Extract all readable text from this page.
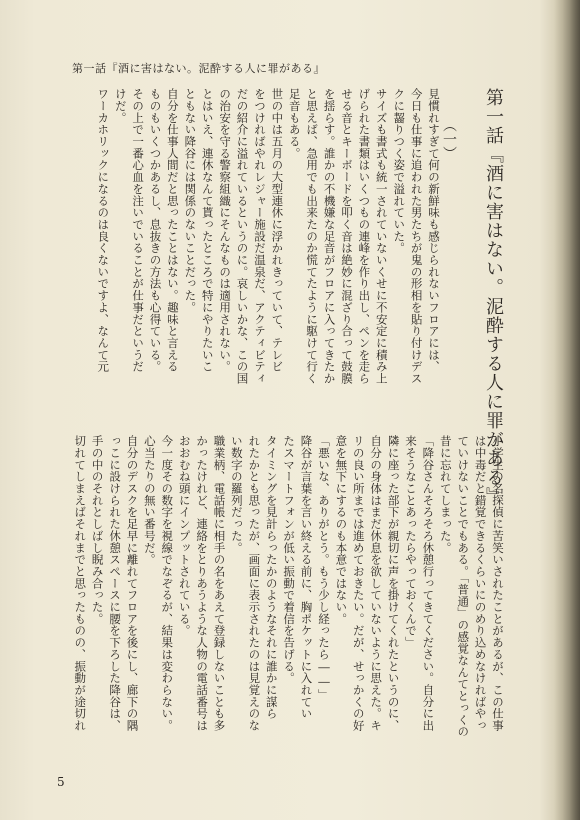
第一話『酒に害はない。泥酔する人に罪がある』
第一話『酒に害はない。泥酔する人に罪がある』
（一）

見慣れすぎて何の新鮮味も感じられないフロアには、

今日も仕事に追われた男たちが鬼の形相を貼り付けデス

クに齧りつく姿で溢れていた。

サイズも書式も統一されていないくせに不安定に積み上

げられた書類はいくつもの連峰を作り出し、ペンを走ら

せる音とキーボードを叩く音は絶妙に混ざり合って鼓膜

を揺らす。誰かの不機嫌な足音がフロアに入ってきたか

と思えば、急用でも出来たのか慌てたように駆けて行く

足音もある。

世の中は五月の大型連休に浮かれきっていて、テレビ

をつければやれレジャー施設だ温泉だ、アクティビティ

だの紹介に溢れているというのに。哀しいかな、この国

の治安を守る警察組織にそんなものは適用されない。

とはいえ、連休なんて貰ったところで特にやりたいこ

ともない降谷には関係のないことだった。

自分を仕事人間だと思ったことはない。趣味と言える

ものもいくつかあるし、息抜きの方法も心得ている。

その上で一番心血を注いでいることが仕事だというだ

けだ。

ワーカホリックになるのは良くないですよ、なんて元

小学生の名探偵に苦笑いされたことがあるが、この仕事

は中毒だと錯覚できるくらいにのめり込めなければやっ

ていけないことでもある。「普通」の感覚なんてとっくの

昔に忘れてしまった。

「降谷さんそろそろ休憩行ってきてください。自分に出

来そうなことあったらやっておくんで」

隣に座った部下が親切に声を掛けてくれたというのに、

自分の身体はまだ休息を欲していないように思えた。キ

リの良い所までは進めておきたい。だが、せっかくの好

意を無下にするのも本意ではない。

「悪いな、ありがとう。もう少し経ったら――」

降谷が言葉を言い終える前に、胸ポケットに入れてい

たスマートフォンが低い振動で着信を告げる。

タイミングを見計らったかのようなそれに誰かに謀ら

れたかとも思ったが、画面に表示されたのは見覚えのな

い数字の羅列だった。

職業柄、電話帳に相手の名をあえて登録しないことも多

かったけれど、連絡をとりあうような人物の電話番号は

おおむね頭にインプットされている。

今一度その数字を視線でなぞるが、結果は変わらない。

心当たりの無い番号だ。

自分のデスクを足早に離れてフロアを後にし、廊下の隅

っこに設けられた休憩スペースに腰を下ろした降谷は、

手の中のそれとしばし睨み合った。

切れてしまえばそれまでと思ったものの、振動が途切れ

5
